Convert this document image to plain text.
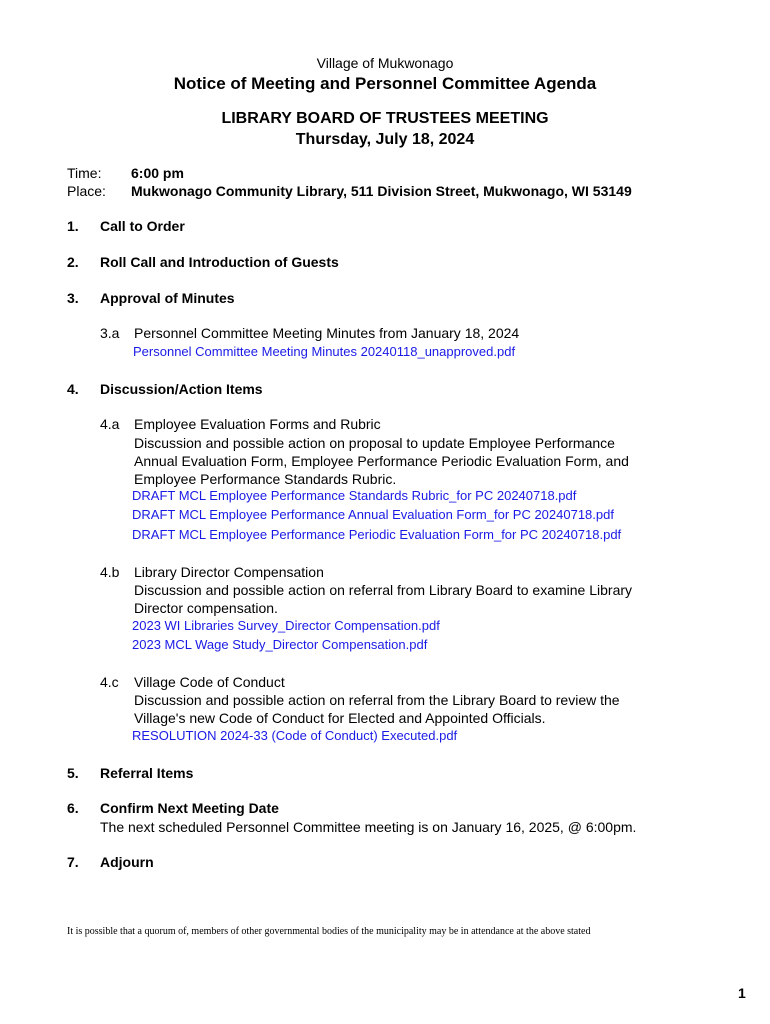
Village of Mukwonago
Notice of Meeting and Personnel Committee Agenda
LIBRARY BOARD OF TRUSTEES MEETING
Thursday, July 18, 2024
Time: 6:00 pm
Place: Mukwonago Community Library, 511 Division Street, Mukwonago, WI 53149
1. Call to Order
2. Roll Call and Introduction of Guests
3. Approval of Minutes
3.a Personnel Committee Meeting Minutes from January 18, 2024
Personnel Committee Meeting Minutes 20240118_unapproved.pdf
4. Discussion/Action Items
4.a Employee Evaluation Forms and Rubric
Discussion and possible action on proposal to update Employee Performance
Annual Evaluation Form, Employee Performance Periodic Evaluation Form, and
Employee Performance Standards Rubric.
DRAFT MCL Employee Performance Standards Rubric_for PC 20240718.pdf
DRAFT MCL Employee Performance Annual Evaluation Form_for PC 20240718.pdf
DRAFT MCL Employee Performance Periodic Evaluation Form_for PC 20240718.pdf
4.b Library Director Compensation
Discussion and possible action on referral from Library Board to examine Library
Director compensation.
2023 WI Libraries Survey_Director Compensation.pdf
2023 MCL Wage Study_Director Compensation.pdf
4.c Village Code of Conduct
Discussion and possible action on referral from the Library Board to review the
Village's new Code of Conduct for Elected and Appointed Officials.
RESOLUTION 2024-33 (Code of Conduct) Executed.pdf
5. Referral Items
6. Confirm Next Meeting Date
The next scheduled Personnel Committee meeting is on January 16, 2025, @ 6:00pm.
7. Adjourn
It is possible that a quorum of, members of other governmental bodies of the municipality may be in attendance at the above stated
1
